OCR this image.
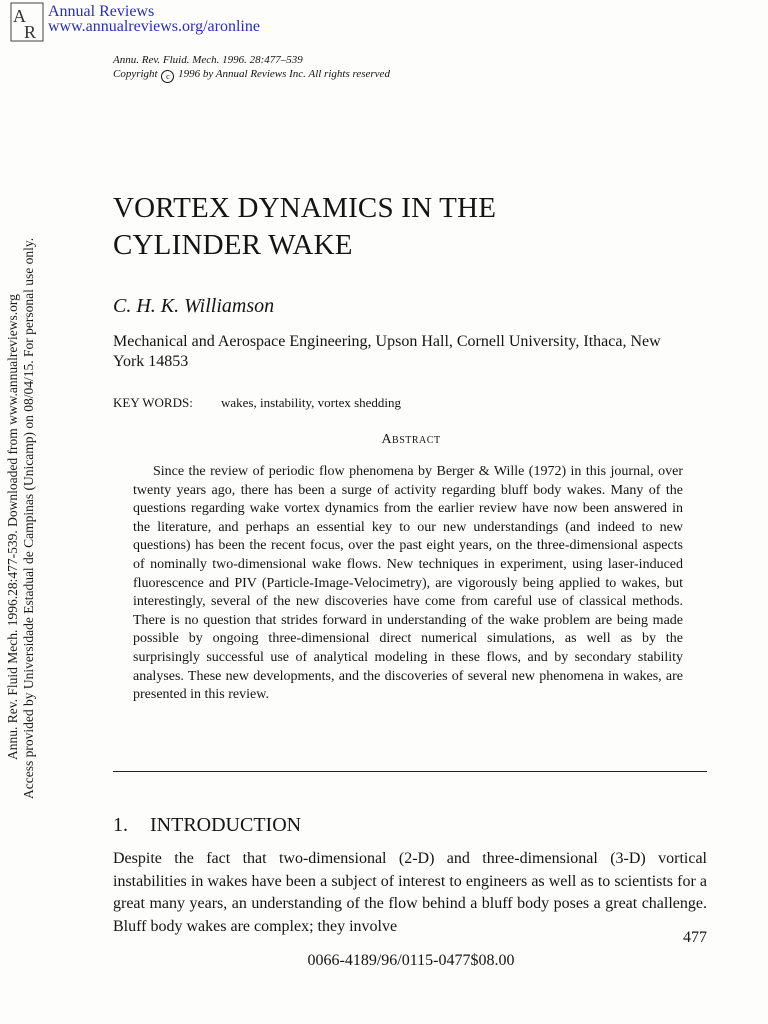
A
R
Annual Reviews
www.annualreviews.org/aronline
Annu. Rev. Fluid. Mech. 1996. 28:477–539
Copyright c 1996 by Annual Reviews Inc. All rights reserved
Annu. Rev. Fluid Mech. 1996.28:477-539. Downloaded from www.annualreviews.org Access provided by Universidade Estadual de Campinas (Unicamp) on 08/04/15. For personal use only.
VORTEX DYNAMICS IN THE
CYLINDER WAKE
C. H. K. Williamson
Mechanical and Aerospace Engineering, Upson Hall, Cornell University, Ithaca, New York 14853
KEY WORDS: wakes, instability, vortex shedding
Abstract

Since the review of periodic flow phenomena by Berger & Wille (1972) in this journal, over twenty years ago, there has been a surge of activity regarding bluff body wakes. Many of the questions regarding wake vortex dynamics from the earlier review have now been answered in the literature, and perhaps an essential key to our new understandings (and indeed to new questions) has been the recent focus, over the past eight years, on the three-dimensional aspects of nominally two-dimensional wake flows. New techniques in experiment, using laser-induced fluorescence and PIV (Particle-Image-Velocimetry), are vigorously being applied to wakes, but interestingly, several of the new discoveries have come from careful use of classical methods. There is no question that strides forward in understanding of the wake problem are being made possible by ongoing three-dimensional direct numerical simulations, as well as by the surprisingly successful use of analytical modeling in these flows, and by secondary stability analyses. These new developments, and the discoveries of several new phenomena in wakes, are presented in this review.

1. INTRODUCTION

Despite the fact that two-dimensional (2-D) and three-dimensional (3-D) vortical instabilities in wakes have been a subject of interest to engineers as well as to scientists for a great many years, an understanding of the flow behind a bluff body poses a great challenge. Bluff body wakes are complex; they involve

477
0066-4189/96/0115-0477$08.00
